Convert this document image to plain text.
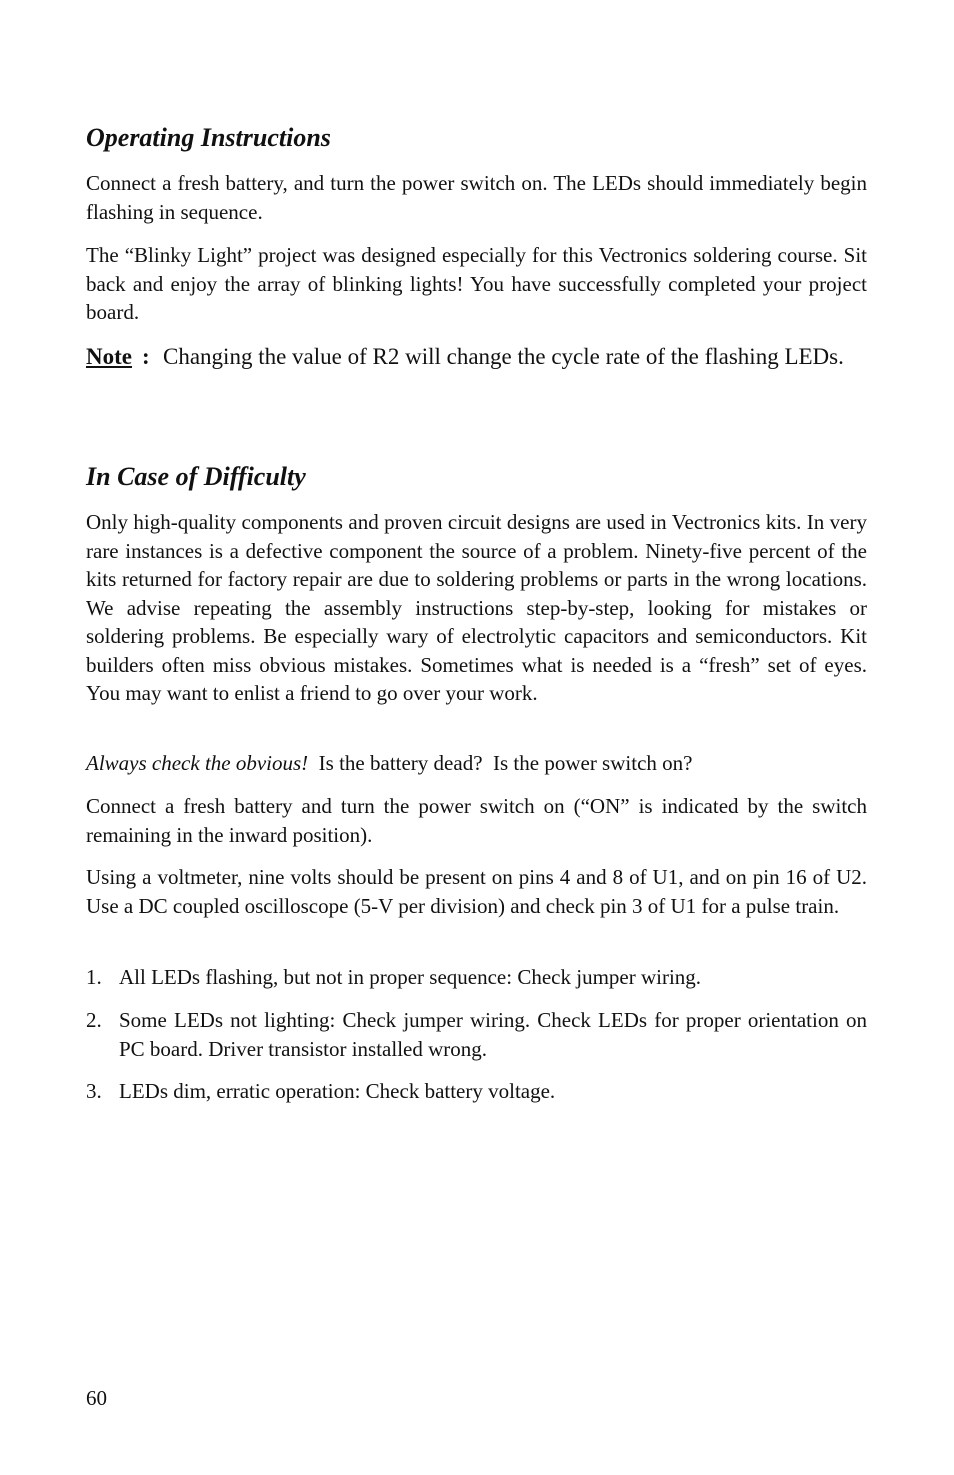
Operating Instructions

Connect a fresh battery, and turn the power switch on. The LEDs should immediately begin flashing in sequence.

The “Blinky Light” project was designed especially for this Vectronics soldering course. Sit back and enjoy the array of blinking lights! You have successfully completed your project board.

Note : Changing the value of R2 will change the cycle rate of the flashing LEDs.
In Case of Difficulty

Only high-quality components and proven circuit designs are used in Vectronics kits. In very rare instances is a defective component the source of a problem. Ninety-five percent of the kits returned for factory repair are due to soldering problems or parts in the wrong locations. We advise repeating the assembly instructions step-by-step, looking for mistakes or soldering problems. Be especially wary of electrolytic capacitors and semiconductors. Kit builders often miss obvious mistakes. Sometimes what is needed is a “fresh” set of eyes. You may want to enlist a friend to go over your work.

Always check the obvious!  Is the battery dead?  Is the power switch on?

Connect a fresh battery and turn the power switch on (“ON” is indicated by the switch remaining in the inward position).

Using a voltmeter, nine volts should be present on pins 4 and 8 of U1, and on pin 16 of U2. Use a DC coupled oscilloscope (5-V per division) and check pin 3 of U1 for a pulse train.

1. All LEDs flashing, but not in proper sequence: Check jumper wiring.
2. Some LEDs not lighting: Check jumper wiring. Check LEDs for proper orientation on PC board. Driver transistor installed wrong.
3. LEDs dim, erratic operation: Check battery voltage.
60
